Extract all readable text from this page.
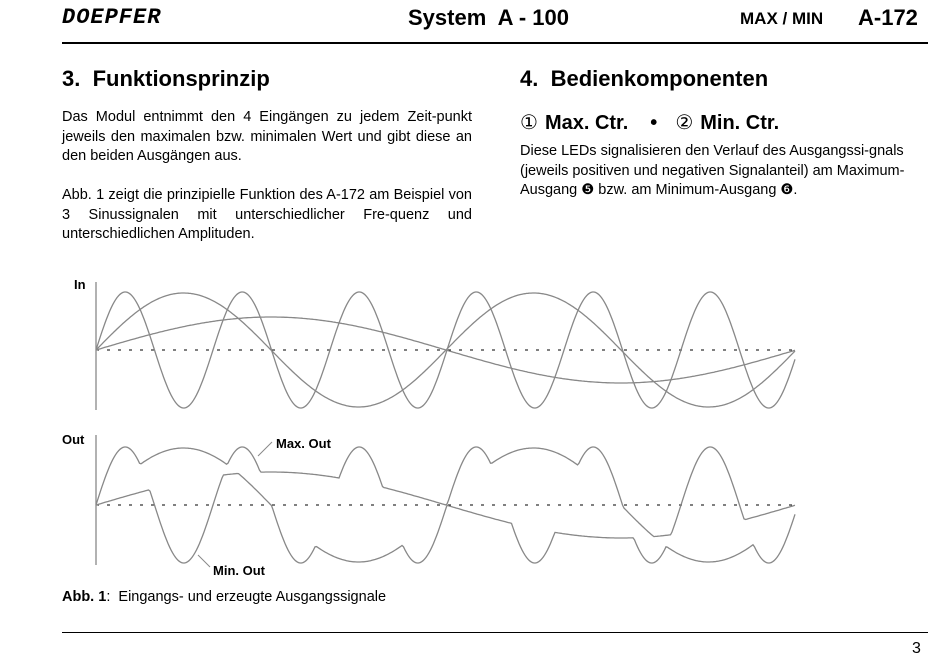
DOEPFER	System  A - 100	MAX / MIN A-172
3.  Funktionsprinzip
Das Modul entnimmt den 4 Eingängen zu jedem Zeit-punkt jeweils den maximalen bzw. minimalen Wert und gibt diese an den beiden Ausgängen aus.
Abb. 1 zeigt die prinzipielle Funktion des A-172 am Beispiel von 3 Sinussignalen mit unterschiedlicher Fre-quenz und unterschiedlichen Amplituden.
4.  Bedienkomponenten
① Max. Ctr. • ② Min. Ctr.
Diese LEDs signalisieren den Verlauf des Ausgangssi-gnals (jeweils positiven und negativen Signalanteil) am Maximum-Ausgang ❺ bzw. am Minimum-Ausgang ❻.
In
Out	Max. Out
Min. Out
Abb. 1:  Eingangs- und erzeugte Ausgangssignale
3
